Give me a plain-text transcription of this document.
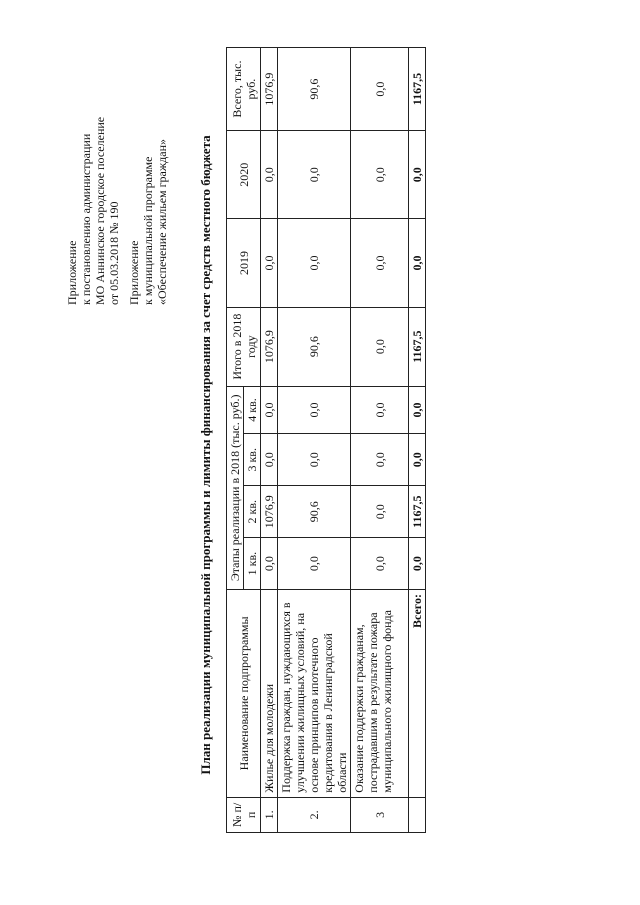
Приложение к постановлению администрации МО Аннинское городское поселение от 05.03.2018 № 190 Приложение к муниципальной программе «Обеспечение жильем граждан» План реализации муниципальной программы и лимиты финансирования за счет средств местного бюджета
№ п/п	Наименование подпрограммы	Этапы реализации в 2018 (тыс. руб.)				Итого в 2018 году	2019	2020	Всего, тыс. руб.
		1 кв.	2 кв.	3 кв.	4 кв.				
1.	Жилье для молодежи	0,0	1076,9	0,0	0,0	1076,9	0,0	0,0	1076,9
2.	Поддержка граждан, нуждающихся в улучшении жилищных условий, на основе принципов ипотечного кредитования в Ленинградской области	0,0	90,6	0,0	0,0	90,6	0,0	0,0	90,6
3	Оказание поддержки гражданам, пострадавшим в результате пожара муниципального жилищного фонда	0,0	0,0	0,0	0,0	0,0	0,0	0,0	0,0
	Всего:	0,0	1167,5	0,0	0,0	1167,5	0,0	0,0	1167,5
